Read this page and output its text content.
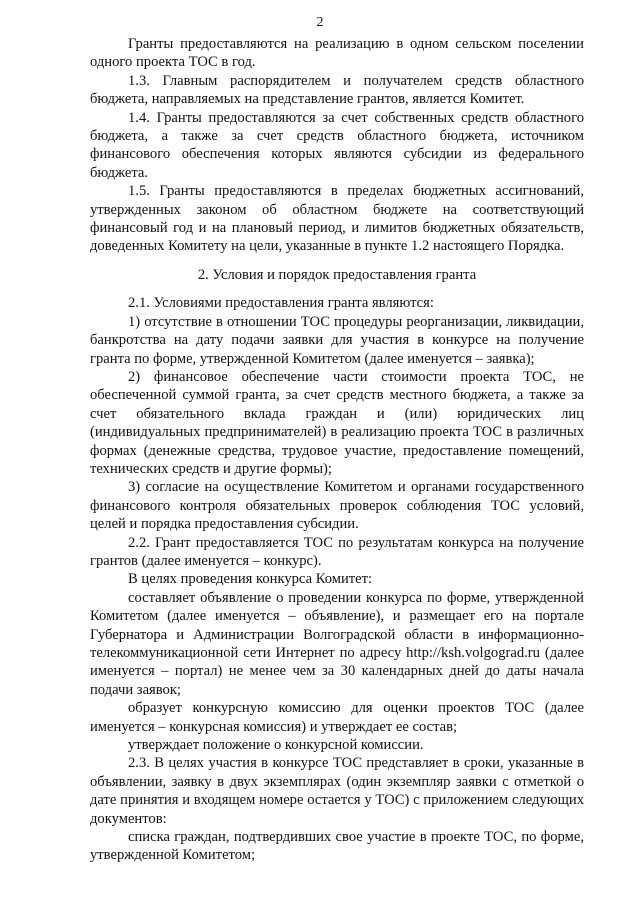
2

Гранты предоставляются на реализацию в одном сельском поселении одного проекта ТОС в год.

1.3. Главным распорядителем и получателем средств областного бюджета, направляемых на представление грантов, является Комитет.

1.4. Гранты предоставляются за счет собственных средств областного бюджета, а также за счет средств областного бюджета, источником финансового обеспечения которых являются субсидии из федерального бюджета.

1.5. Гранты предоставляются в пределах бюджетных ассигнований, утвержденных законом об областном бюджете на соответствующий финансовый год и на плановый период, и лимитов бюджетных обязательств, доведенных Комитету на цели, указанные в пункте 1.2 настоящего Порядка.

2. Условия и порядок предоставления гранта

2.1. Условиями предоставления гранта являются:

1) отсутствие в отношении ТОС процедуры реорганизации, ликвидации, банкротства на дату подачи заявки для участия в конкурсе на получение гранта по форме, утвержденной Комитетом (далее именуется – заявка);

2) финансовое обеспечение части стоимости проекта ТОС, не обеспеченной суммой гранта, за счет средств местного бюджета, а также за счет обязательного вклада граждан и (или) юридических лиц (индивидуальных предпринимателей) в реализацию проекта ТОС в различных формах (денежные средства, трудовое участие, предоставление помещений, технических средств и другие формы);

3) согласие на осуществление Комитетом и органами государственного финансового контроля обязательных проверок соблюдения ТОС условий, целей и порядка предоставления субсидии.

2.2. Грант предоставляется ТОС по результатам конкурса на получение грантов (далее именуется – конкурс).

В целях проведения конкурса Комитет:

составляет объявление о проведении конкурса по форме, утвержденной Комитетом (далее именуется – объявление), и размещает его на портале Губернатора и Администрации Волгоградской области в информационно-телекоммуникационной сети Интернет по адресу http://ksh.volgograd.ru (далее именуется – портал) не менее чем за 30 календарных дней до даты начала подачи заявок;

образует конкурсную комиссию для оценки проектов ТОС (далее именуется – конкурсная комиссия) и утверждает ее состав;

утверждает положение о конкурсной комиссии.

2.3. В целях участия в конкурсе ТОС представляет в сроки, указанные в объявлении, заявку в двух экземплярах (один экземпляр заявки с отметкой о дате принятия и входящем номере остается у ТОС) с приложением следующих документов:

списка граждан, подтвердивших свое участие в проекте ТОС, по форме, утвержденной Комитетом;
